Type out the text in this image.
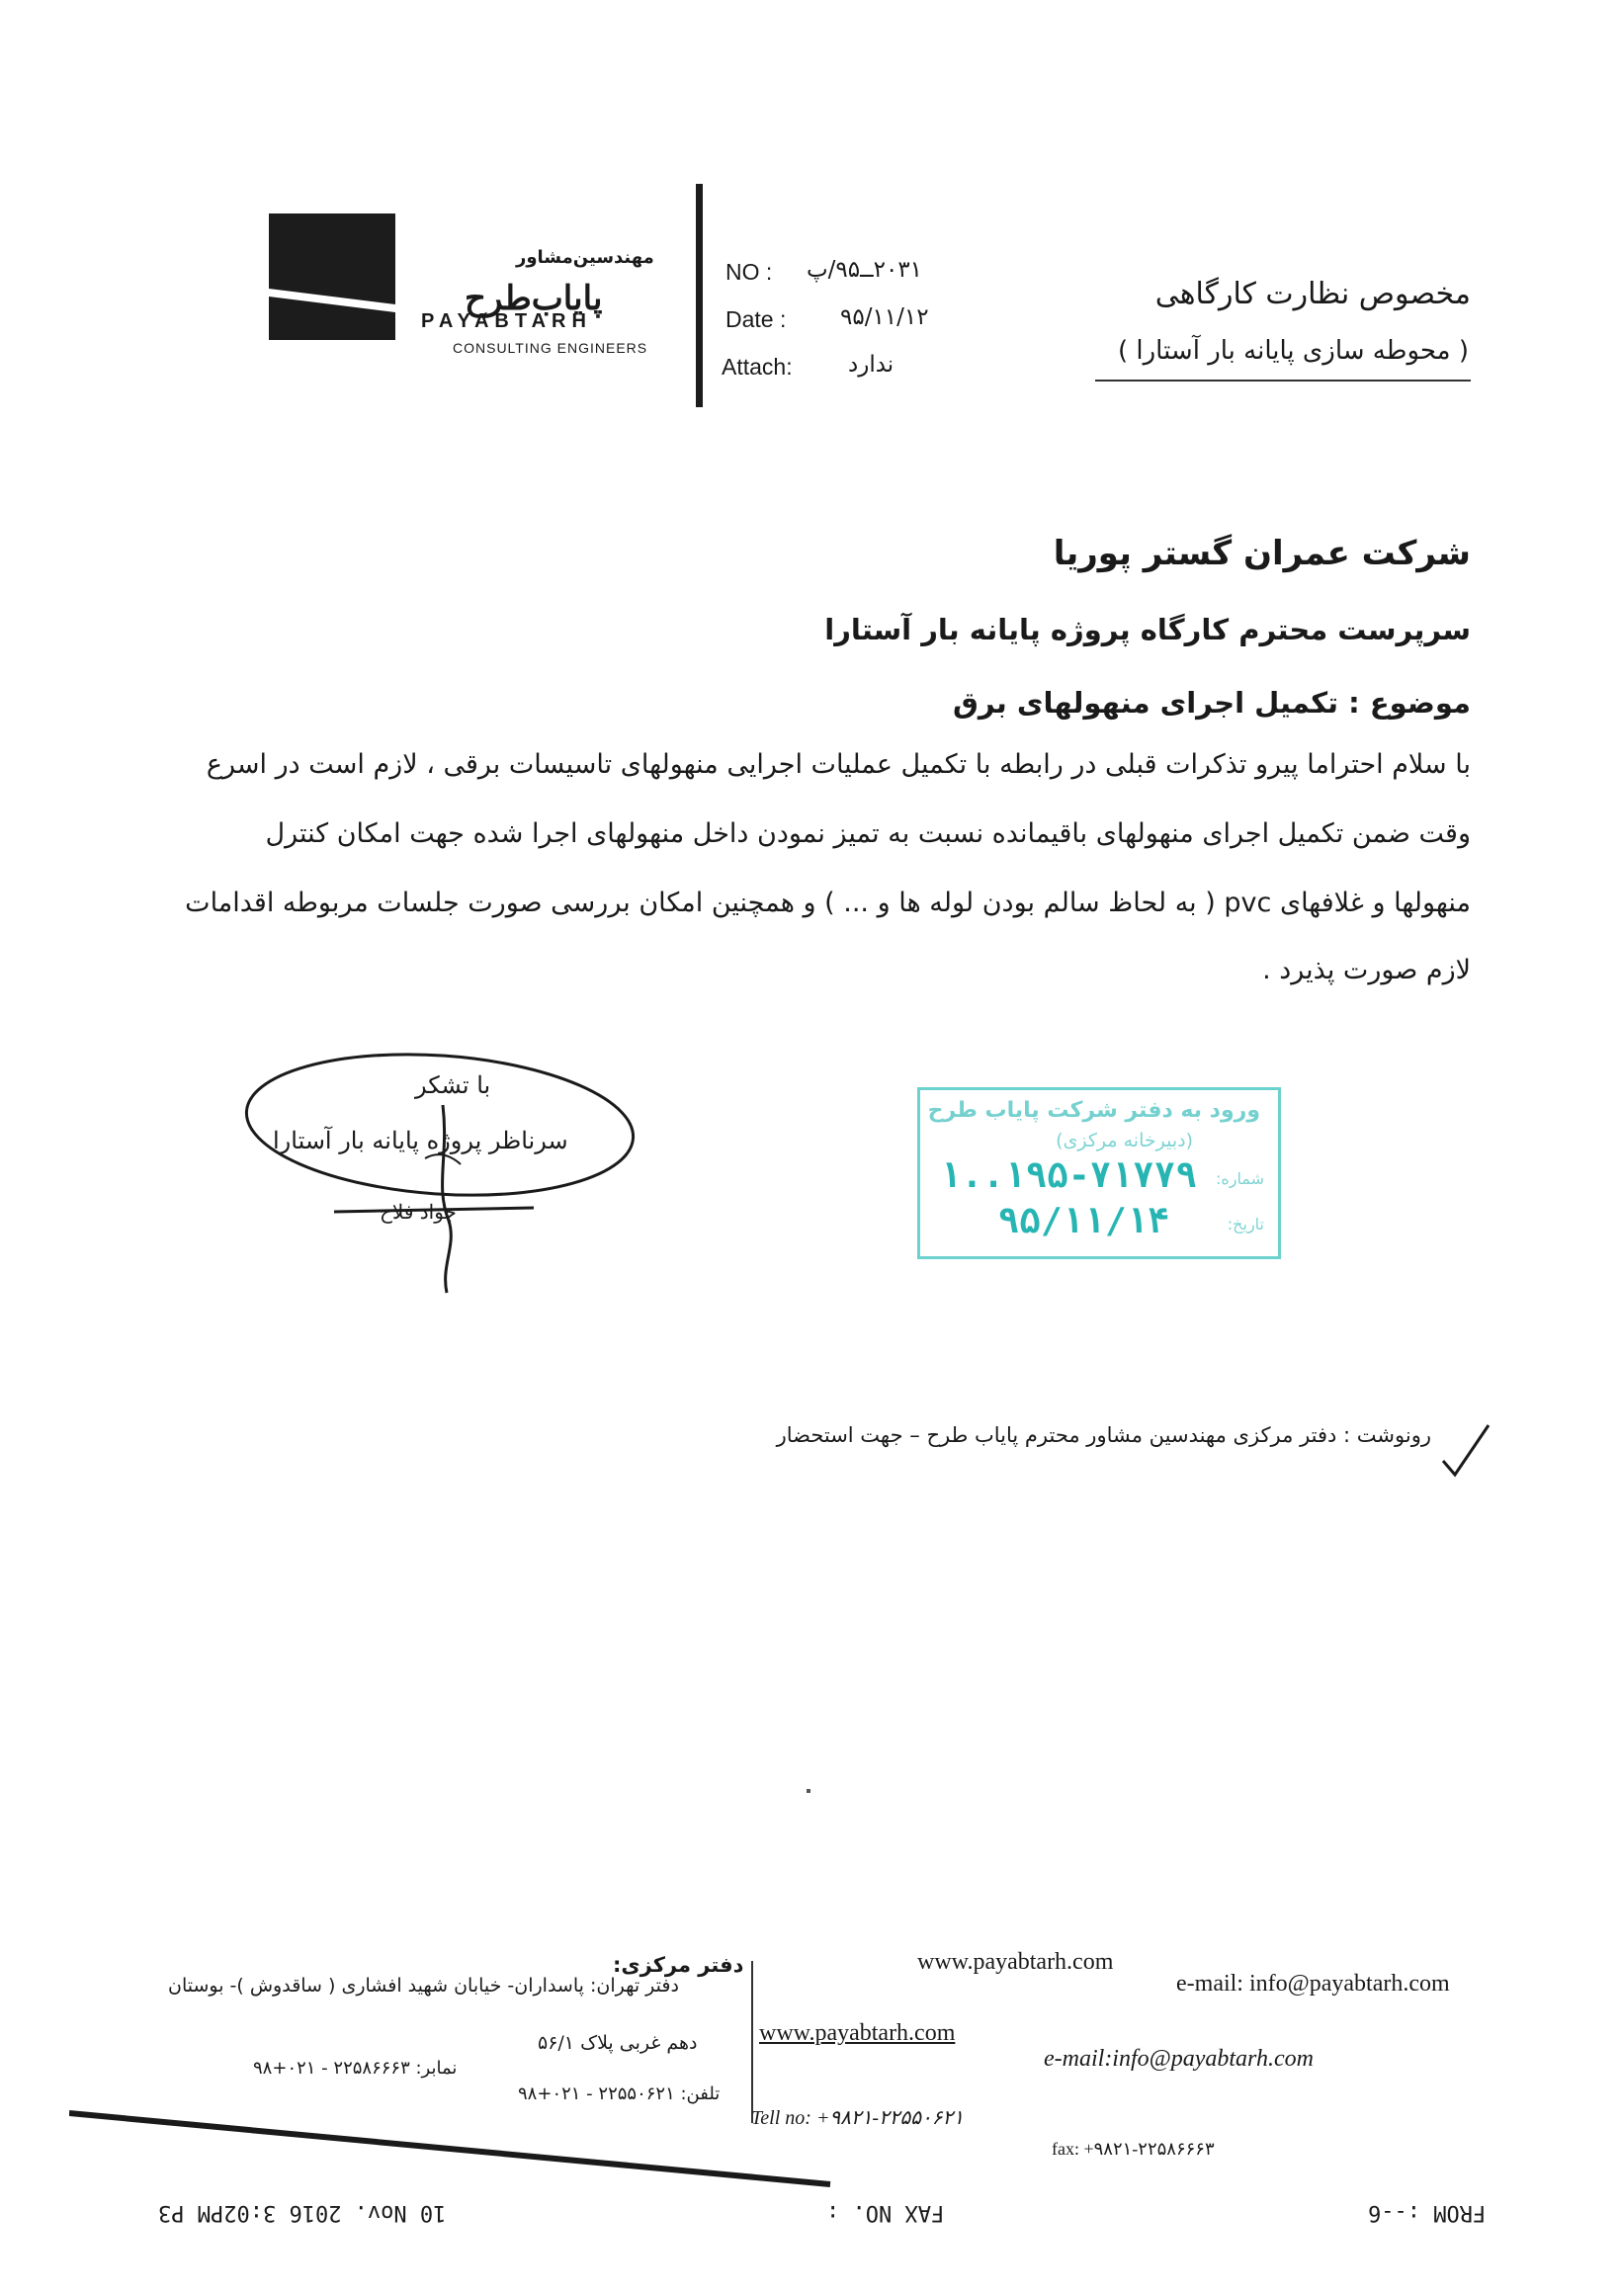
مهندسین‌مشاور
پایاب‌طرح
PAYABTARH
CONSULTING ENGINEERS
NO : ۲۰۳۱ــ۹۵/پ
Date : ۹۵/۱۱/۱۲
Attach: ندارد
مخصوص نظارت کارگاهی
( محوطه سازی پایانه بار آستارا )
شرکت عمران گستر پوریا
سرپرست محترم کارگاه پروژه پایانه بار آستارا
موضوع : تکمیل اجرای منهولهای برق
با سلام احتراما پیرو تذکرات قبلی در رابطه با تکمیل عملیات اجرایی منهولهای تاسیسات برقی ، لازم است در اسرع
وقت ضمن تکمیل اجرای منهولهای باقیمانده نسبت به تمیز نمودن داخل منهولهای اجرا شده جهت امکان کنترل
منهولها و غلافهای pvc ( به لحاظ سالم بودن لوله ها و ... ) و همچنین امکان بررسی صورت جلسات مربوطه اقدامات
لازم صورت پذیرد .
با تشکر
سرناظر پروژه پایانه بار آستارا
جواد فلاح
ورود به دفتر شرکت پایاب طرح
(دبیرخانه مرکزی)
شماره:
۱..۱۹۵-۷۱۷۷۹
تاریخ:
۹۵/۱۱/۱۴
رونوشت : دفتر مرکزی مهندسین مشاور محترم پایاب طرح – جهت استحضار
دفتر مرکزی:
دفتر تهران: پاسداران- خیابان شهید افشاری ( ساقدوش )- بوستان
دهم غربی پلاک ۵۶/۱
تلفن: ۲۲۵۵۰۶۲۱ - ۰۲۱+۹۸
نمابر: ۲۲۵۸۶۶۶۳ - ۰۲۱+۹۸
www.payabtarh.com
e-mail: info@payabtarh.com
www.payabtarh.com
e-mail:info@payabtarh.com
Tell no: +۹۸۲۱-۲۲۵۵۰۶۲۱
fax: +۹۸۲۱-۲۲۵۸۶۶۶۳
FROM :--6
FAX NO. :
10 Nov. 2016 3:02PM P3
